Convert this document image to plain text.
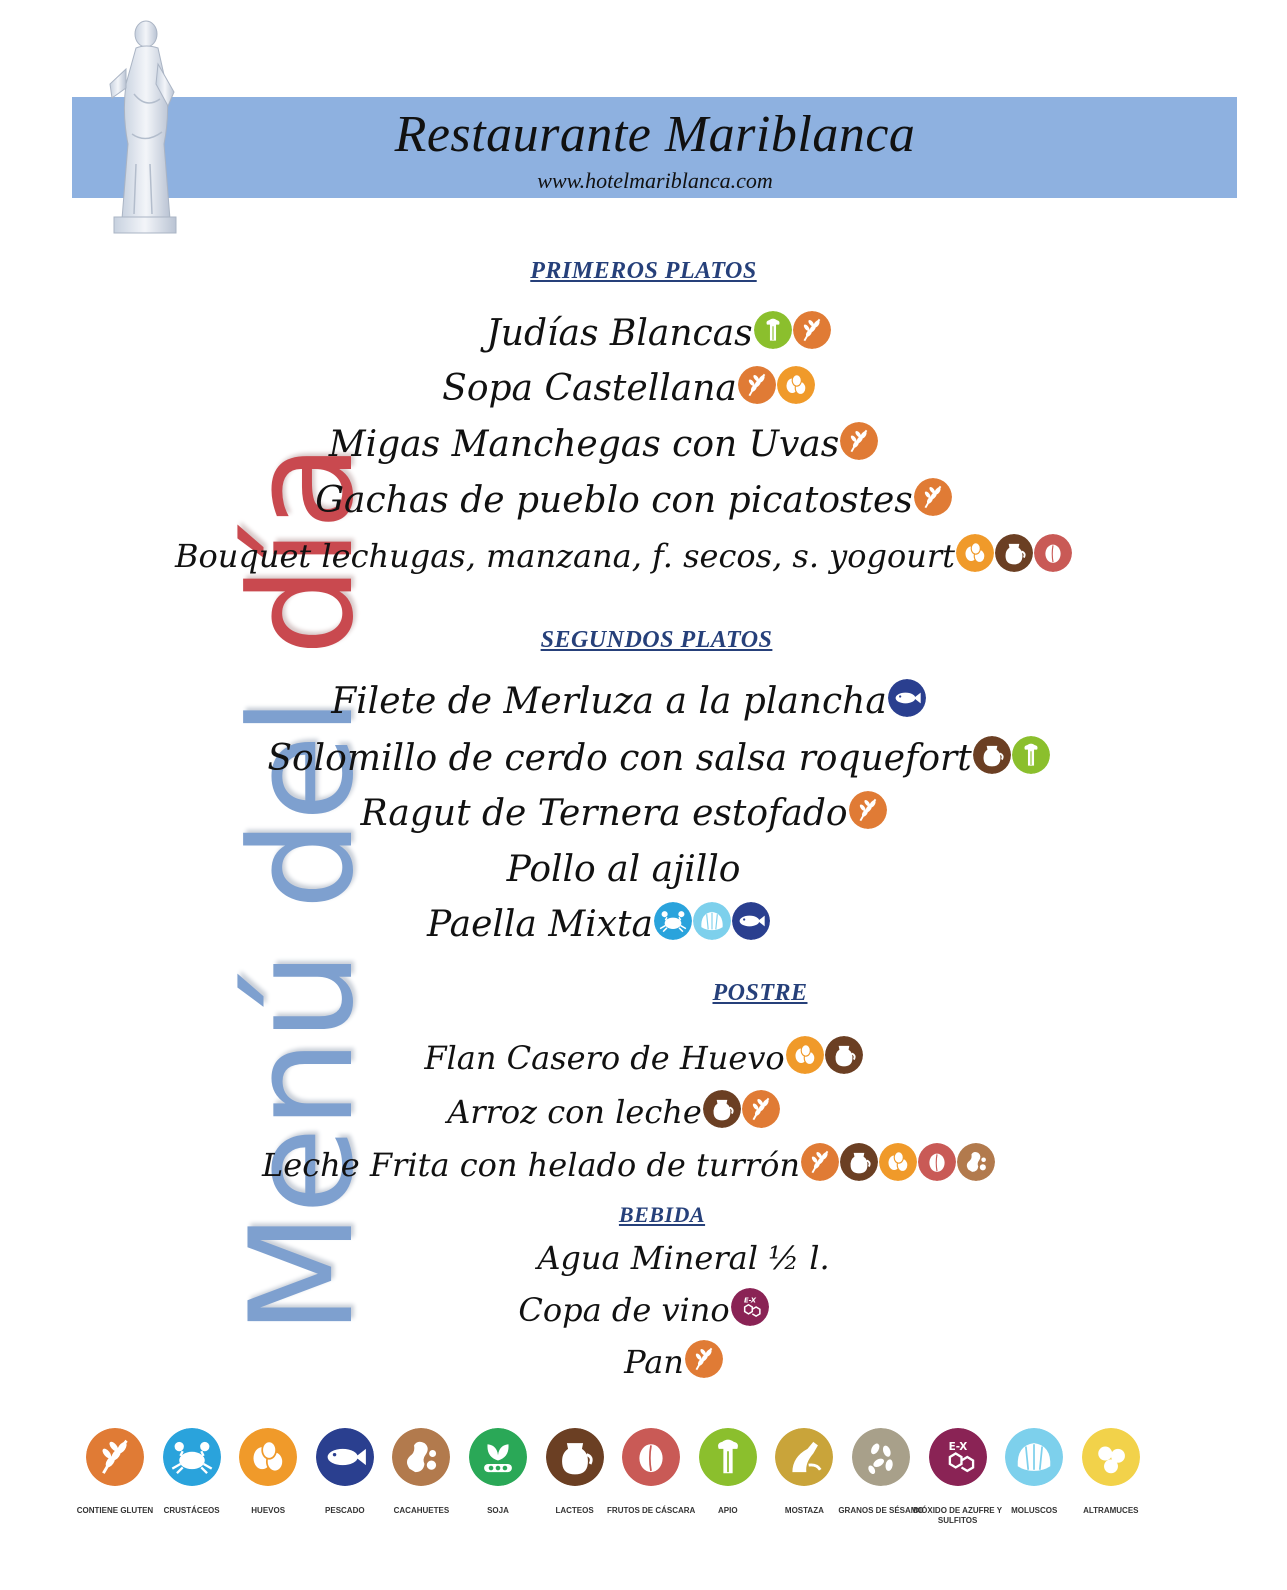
Restaurante Mariblanca
www.hotelmariblanca.com
Menú del día
PRIMEROS PLATOS
SEGUNDOS PLATOS
POSTRE
BEBIDA
Judías Blancas
Sopa Castellana
Migas Manchegas con Uvas
Gachas de pueblo con picatostes
Bouquet lechugas, manzana, f. secos, s. yogourt
Filete de Merluza a la plancha
Solomillo de cerdo con salsa roquefort
Ragut de Ternera estofado
Pollo al ajillo
Paella Mixta
Flan Casero de Huevo
Arroz con leche
Leche Frita con helado de turrón
Agua Mineral ½ l.
Copa de vino E-X
Pan
CONTIENE GLUTEN	CRUSTÁCEOS	HUEVOS	PESCADO	CACAHUETES	SOJA	LACTEOS	FRUTOS DE CÁSCARA	APIO	MOSTAZA	GRANOS DE SÉSAMO
E-X
DIÓXIDO DE AZUFRE Y SULFITOS
MOLUSCOS	ALTRAMUCES
